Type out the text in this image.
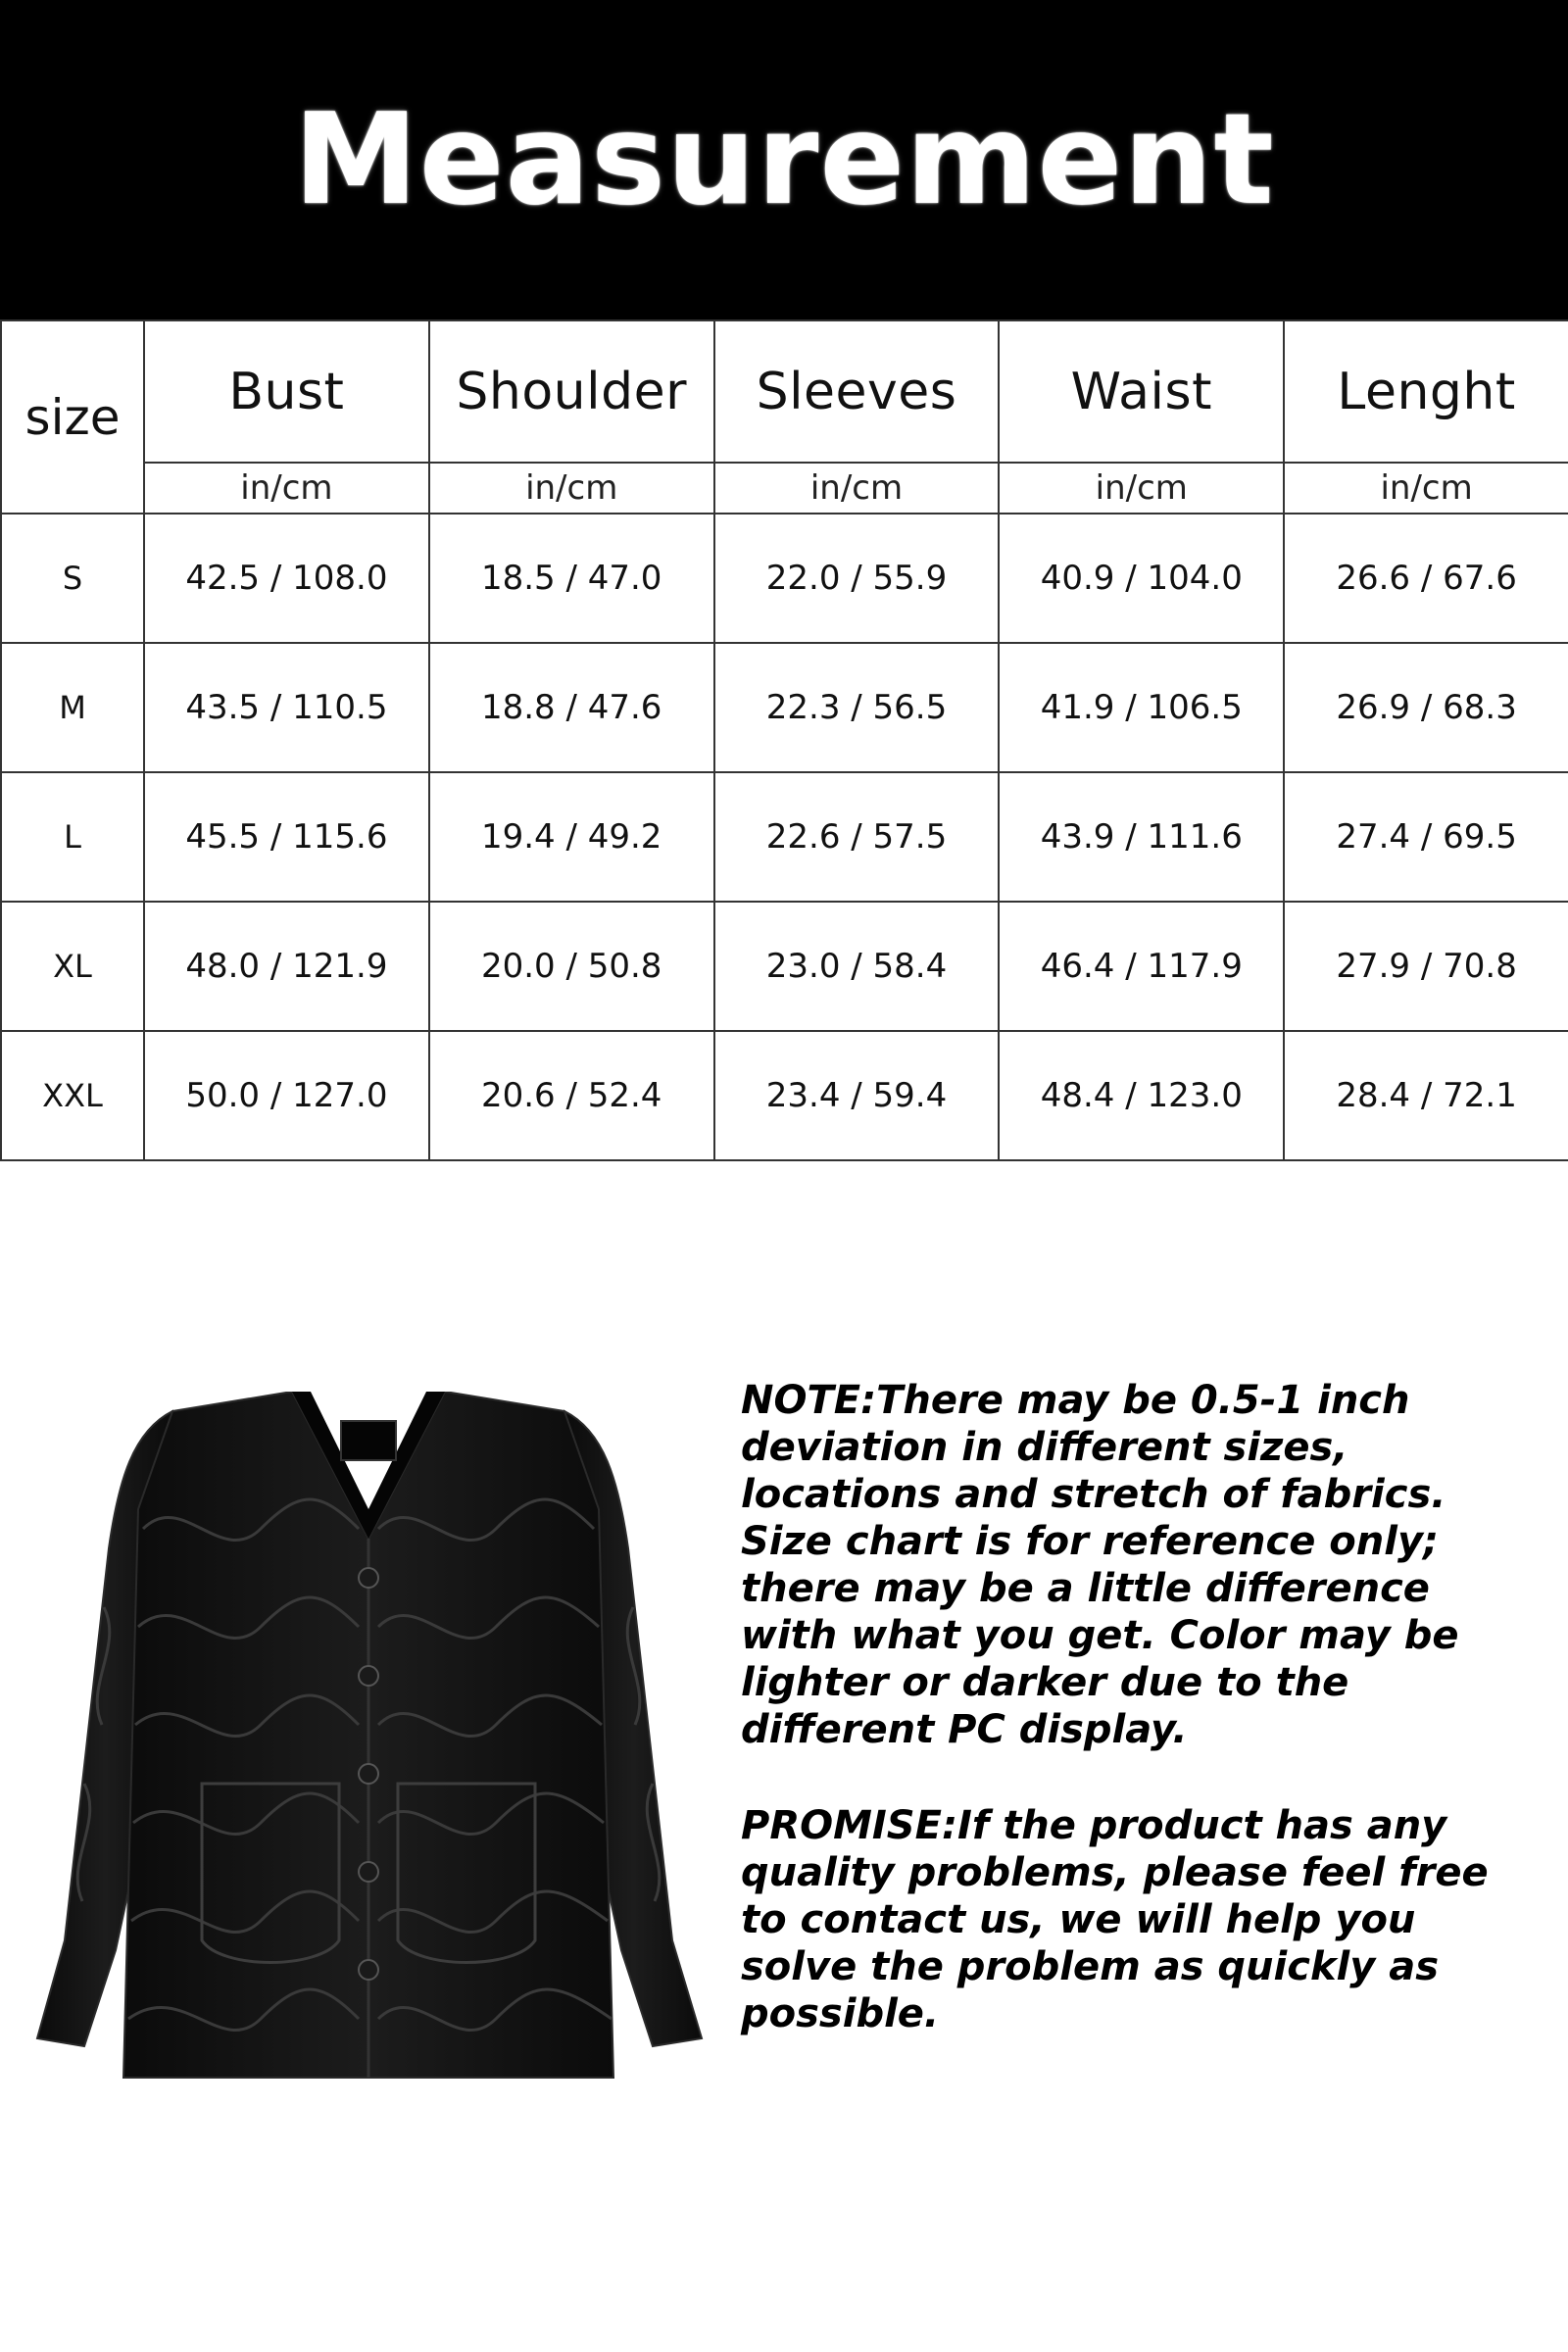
Measurement
size	Bust	Shoulder	Sleeves	Waist	Lenght
	in/cm	in/cm	in/cm	in/cm	in/cm
S	42.5 / 108.0	18.5 / 47.0	22.0 / 55.9	40.9 / 104.0	26.6 / 67.6
M	43.5 / 110.5	18.8 / 47.6	22.3 / 56.5	41.9 / 106.5	26.9 / 68.3
L	45.5 / 115.6	19.4 / 49.2	22.6 / 57.5	43.9 / 111.6	27.4 / 69.5
XL	48.0 / 121.9	20.0 / 50.8	23.0 / 58.4	46.4 / 117.9	27.9 / 70.8
XXL	50.0 / 127.0	20.6 / 52.4	23.4 / 59.4	48.4 / 123.0	28.4 / 72.1

NOTE:There may be 0.5-1 inch deviation in different sizes, locations and stretch of fabrics. Size chart is for reference only; there may be a little difference with what you get. Color may be lighter or darker due to the different PC display.

PROMISE:If the product has any quality problems, please feel free to contact us, we will help you solve the problem as quickly as possible.
